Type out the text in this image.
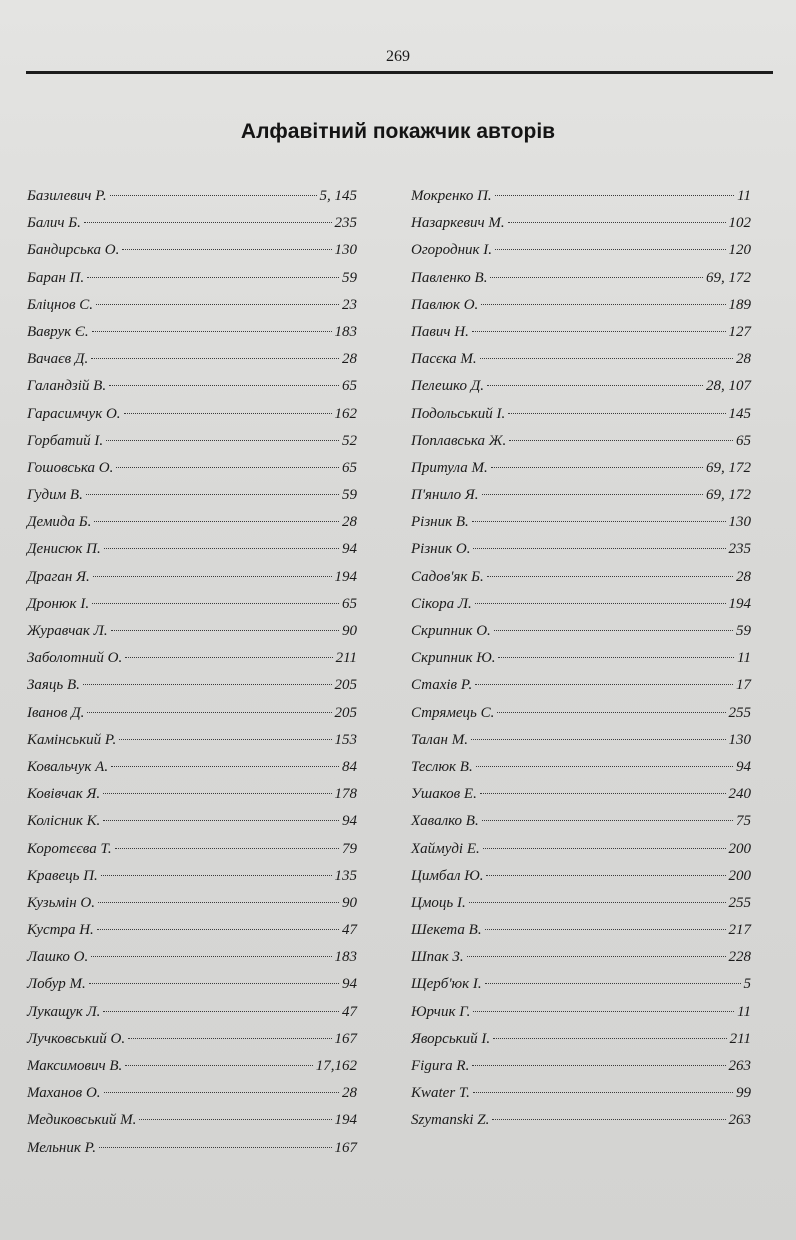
269
Алфавітний покажчик авторів
Базилевич Р.	5, 145
Балич Б.	235
Бандирська О.	130
Баран П.	59
Бліцнов С.	23
Ваврук Є.	183
Вачаєв Д.	28
Галандзій В.	65
Гарасимчук О.	162
Горбатий І.	52
Гошовська О.	65
Гудим В.	59
Демида Б.	28
Денисюк П.	94
Драган Я.	194
Дронюк І.	65
Журавчак Л.	90
Заболотний О.	211
Заяць В.	205
Іванов Д.	205
Камінський Р.	153
Ковальчук А.	84
Ковівчак Я.	178
Колісник К.	94
Коротєєва Т.	79
Кравець П.	135
Кузьмін О.	90
Кустра Н.	47
Лашко О.	183
Лобур М.	94
Лукащук Л.	47
Лучковський О.	167
Максимович В.	17,162
Маханов О.	28
Медиковський М.	194
Мельник Р.	167
Мокренко П.	11
Назаркевич М.	102
Огородник І.	120
Павленко В.	69, 172
Павлюк О.	189
Павич Н.	127
Пасєка М.	28
Пелешко Д.	28, 107
Подольський І.	145
Поплавська Ж.	65
Притула М.	69, 172
П'янило Я.	69, 172
Різник В.	130
Різник О.	235
Садов'як Б.	28
Сікора Л.	194
Скрипник О.	59
Скрипник Ю.	11
Стахів Р.	17
Стрямець С.	255
Талан М.	130
Теслюк В.	94
Ушаков Е.	240
Хавалко В.	75
Хаймуді Е.	200
Цимбал Ю.	200
Цмоць І.	255
Шекета В.	217
Шпак З.	228
Щерб'юк І.	5
Юрчик Г.	11
Яворський І.	211
Figura R.	263
Kwater T.	99
Szymanski Z.	263
